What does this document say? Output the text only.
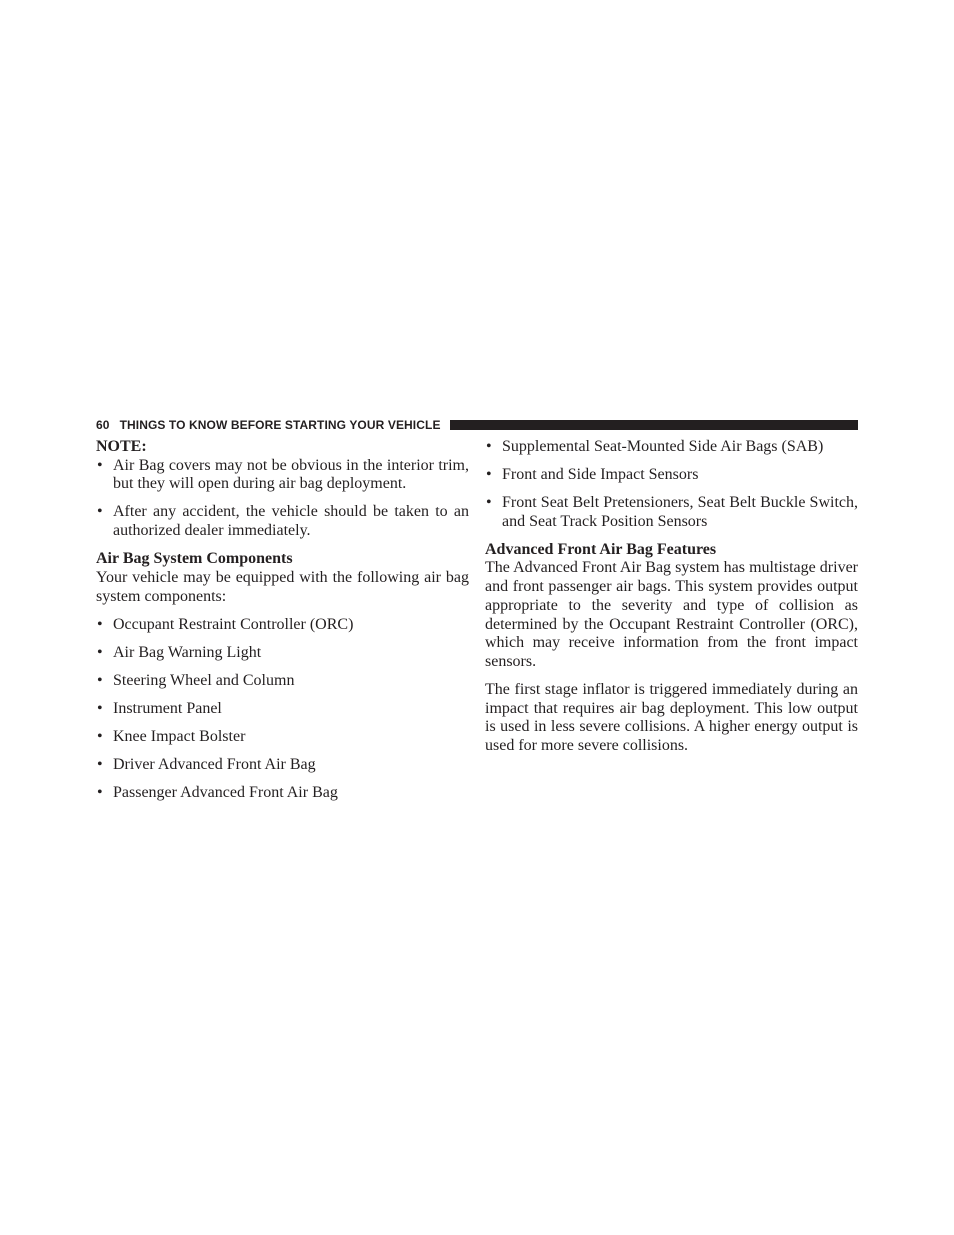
60 THINGS TO KNOW BEFORE STARTING YOUR VEHICLE
NOTE:
• Air Bag covers may not be obvious in the interior trim, but they will open during air bag deployment.
• After any accident, the vehicle should be taken to an authorized dealer immediately.
Air Bag System Components

Your vehicle may be equipped with the following air bag system components:

• Occupant Restraint Controller (ORC)
• Air Bag Warning Light
• Steering Wheel and Column
• Instrument Panel
• Knee Impact Bolster
• Driver Advanced Front Air Bag
• Passenger Advanced Front Air Bag
• Supplemental Seat-Mounted Side Air Bags (SAB)
• Front and Side Impact Sensors
• Front Seat Belt Pretensioners, Seat Belt Buckle Switch, and Seat Track Position Sensors
Advanced Front Air Bag Features

The Advanced Front Air Bag system has multistage driver and front passenger air bags. This system provides output appropriate to the severity and type of collision as determined by the Occupant Restraint Controller (ORC), which may receive information from the front impact sensors.

The first stage inflator is triggered immediately during an impact that requires air bag deployment. This low output is used in less severe collisions. A higher energy output is used for more severe collisions.
